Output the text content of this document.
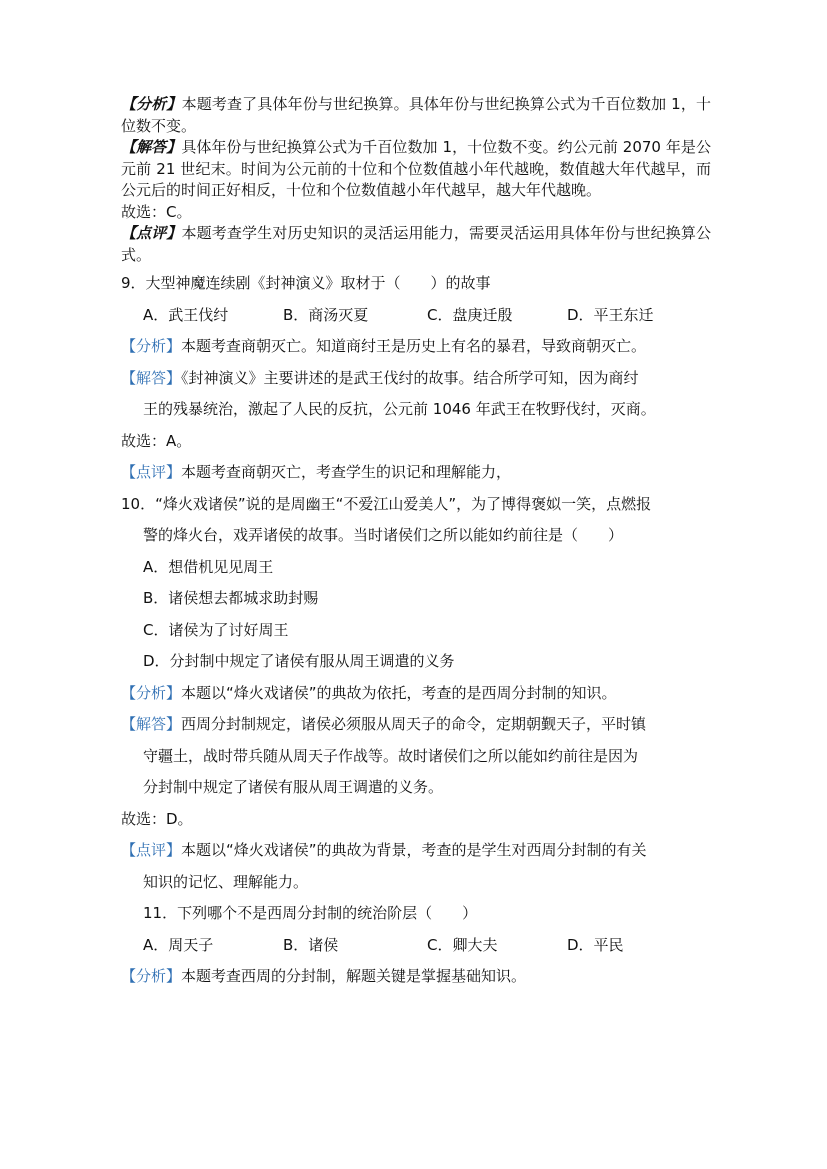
【分析】本题考查了具体年份与世纪换算。具体年份与世纪换算公式为千百位数加 1，十位数不变。
【解答】具体年份与世纪换算公式为千百位数加 1，十位数不变。约公元前 2070 年是公元前 21 世纪末。时间为公元前的十位和个位数值越小年代越晚，数值越大年代越早，而公元后的时间正好相反，十位和个位数值越小年代越早，越大年代越晚。
故选：C。
【点评】本题考查学生对历史知识的灵活运用能力，需要灵活运用具体年份与世纪换算公式。
9．大型神魔连续剧《封神演义》取材于（　　）的故事
A．武王伐纣	B．商汤灭夏	C．盘庚迁殷	D．平王东迁
【分析】本题考查商朝灭亡。知道商纣王是历史上有名的暴君，导致商朝灭亡。
【解答】《封神演义》主要讲述的是武王伐纣的故事。结合所学可知，因为商纣
王的残暴统治，激起了人民的反抗，公元前 1046 年武王在牧野伐纣，灭商。
故选：A。
【点评】本题考查商朝灭亡，考查学生的识记和理解能力，
10．“烽火戏诸侯”说的是周幽王“不爱江山爱美人”，为了博得褒姒一笑，点燃报
警的烽火台，戏弄诸侯的故事。当时诸侯们之所以能如约前往是（　　）
A．想借机见见周王
B．诸侯想去都城求助封赐
C．诸侯为了讨好周王
D．分封制中规定了诸侯有服从周王调遣的义务
【分析】本题以“烽火戏诸侯”的典故为依托，考查的是西周分封制的知识。
【解答】西周分封制规定，诸侯必须服从周天子的命令，定期朝觐天子，平时镇
守疆土，战时带兵随从周天子作战等。故时诸侯们之所以能如约前往是因为
分封制中规定了诸侯有服从周王调遣的义务。
故选：D。
【点评】本题以“烽火戏诸侯”的典故为背景，考查的是学生对西周分封制的有关
知识的记忆、理解能力。
11．下列哪个不是西周分封制的统治阶层（　　）
A．周天子	B．诸侯	C．卿大夫	D．平民
【分析】本题考查西周的分封制，解题关键是掌握基础知识。
